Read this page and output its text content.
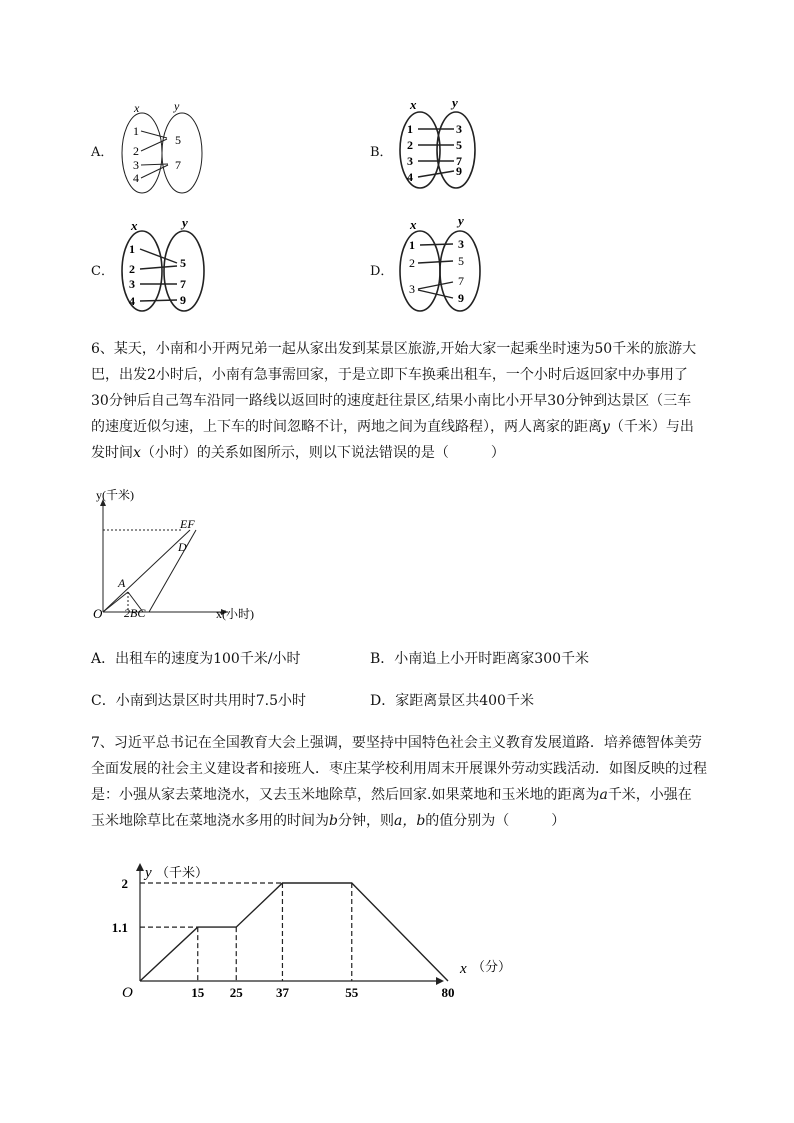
A．
x	y
1
2
3
4
5
7
B．
x	y
1
2
3
4
3
5
7
9
C．
x	y
1
2
3
4
5
7
9
D．
x	y
1
2
3
3
5
7
9
6、某天，小南和小开两兄弟一起从家出发到某景区旅游,开始大家一起乘坐时速为50千米的旅游大
巴，出发2小时后，小南有急事需回家，于是立即下车换乘出租车，一个小时后返回家中办事用了
30分钟后自己驾车沿同一路线以返回时的速度赶往景区,结果小南比小开早30分钟到达景区（三车
的速度近似匀速，上下车的时间忽略不计，两地之间为直线路程），两人离家的距离y（千米）与出
发时间x（小时）的关系如图所示，则以下说法错误的是（　　　）
y(千米)
x(小时)
O
A
2BC
D
EF
A．出租车的速度为100千米/小时	B．小南追上小开时距离家300千米
C．小南到达景区时共用时7.5小时	D．家距离景区共400千米
7、习近平总书记在全国教育大会上强调，要坚持中国特色社会主义教育发展道路．培养德智体美劳
全面发展的社会主义建设者和接班人．枣庄某学校利用周末开展课外劳动实践活动．如图反映的过程
是：小强从家去菜地浇水，又去玉米地除草，然后回家.如果菜地和玉米地的距离为a千米，小强在
玉米地除草比在菜地浇水多用的时间为b分钟，则a，b的值分别为（　　　）
y （千米）
x （分）
O	15 25	37	55	80
1.1
2
